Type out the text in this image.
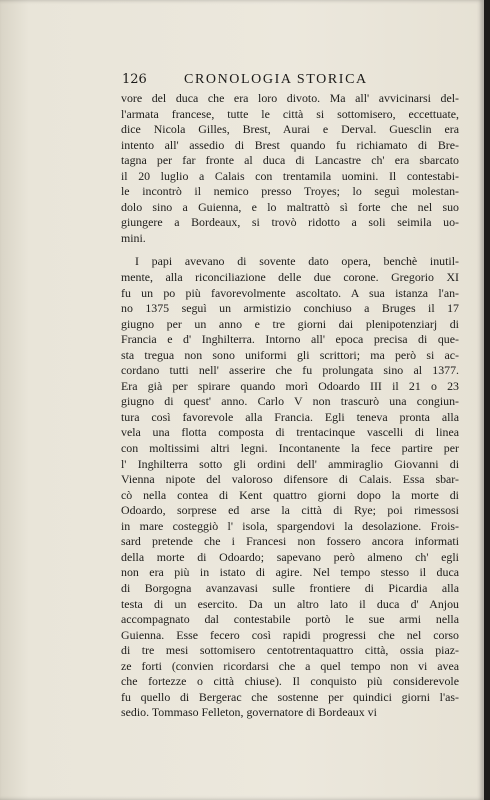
126	CRONOLOGIA STORICA
vore del duca che era loro divoto. Ma all' avvicinarsi del-
l'armata francese, tutte le città si sottomisero, eccettuate,
dice Nicola Gilles, Brest, Aurai e Derval. Guesclin era
intento all' assedio di Brest quando fu richiamato di Bre-
tagna per far fronte al duca di Lancastre ch' era sbarcato
il 20 luglio a Calais con trentamila uomini. Il contestabi-
le incontrò il nemico presso Troyes; lo seguì molestan-
dolo sino a Guienna, e lo maltrattò sì forte che nel suo
giungere a Bordeaux, si trovò ridotto a soli seimila uo-
mini.
I papi avevano di sovente dato opera, benchè inutil-
mente, alla riconciliazione delle due corone. Gregorio XI
fu un po più favorevolmente ascoltato. A sua istanza l'an-
no 1375 seguì un armistizio conchiuso a Bruges il 17
giugno per un anno e tre giorni dai plenipotenziarj di
Francia e d' Inghilterra. Intorno all' epoca precisa di que-
sta tregua non sono uniformi gli scrittori; ma però si ac-
cordano tutti nell' asserire che fu prolungata sino al 1377.
Era già per spirare quando morì Odoardo III il 21 o 23
giugno di quest' anno. Carlo V non trascurò una congiun-
tura così favorevole alla Francia. Egli teneva pronta alla
vela una flotta composta di trentacinque vascelli di linea
con moltissimi altri legni. Incontanente la fece partire per
l' Inghilterra sotto gli ordini dell' ammiraglio Giovanni di
Vienna nipote del valoroso difensore di Calais. Essa sbar-
cò nella contea di Kent quattro giorni dopo la morte di
Odoardo, sorprese ed arse la città di Rye; poi rimessosi
in mare costeggiò l' isola, spargendovi la desolazione. Frois-
sard pretende che i Francesi non fossero ancora informati
della morte di Odoardo; sapevano però almeno ch' egli
non era più in istato di agire. Nel tempo stesso il duca
di Borgogna avanzavasi sulle frontiere di Picardia alla
testa di un esercito. Da un altro lato il duca d' Anjou
accompagnato dal contestabile portò le sue armi nella
Guienna. Esse fecero così rapidi progressi che nel corso
di tre mesi sottomisero centotrentaquattro città, ossia piaz-
ze forti (convien ricordarsi che a quel tempo non vi avea
che fortezze o città chiuse). Il conquisto più considerevole
fu quello di Bergerac che sostenne per quindici giorni l'as-
sedio. Tommaso Felleton, governatore di Bordeaux vi
